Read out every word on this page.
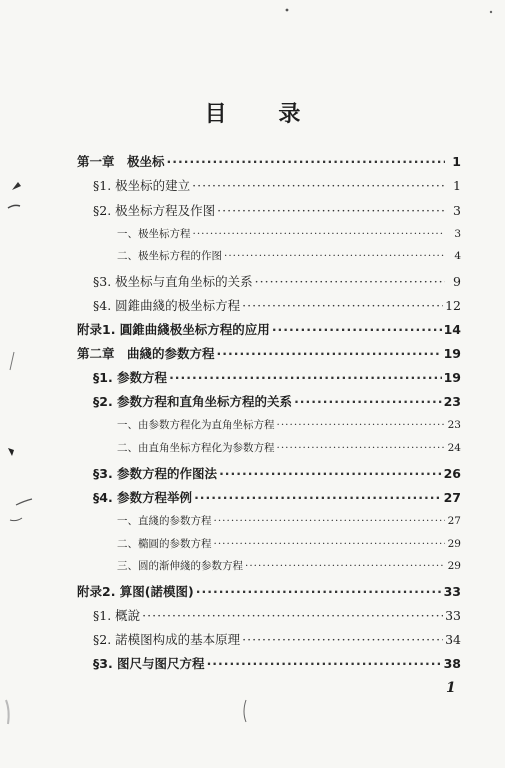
目 录
第一章　极坐标 ·····	1
§1. 极坐标的建立 ·····	1
§2. 极坐标方程及作图 ·····	3
一、极坐标方程 ·····	3
二、极坐标方程的作图 ·····	4
§3. 极坐标与直角坐标的关系 ·····	9
§4. 圆錐曲綫的极坐标方程 ·····	12
附录1. 圓錐曲綫极坐标方程的应用 ·····	14
第二章　曲綫的参数方程 ·····	19
§1. 参数方程 ·····	19
§2. 参数方程和直角坐标方程的关系 ·····	23
一、由参数方程化为直角坐标方程 ·····	23
二、由直角坐标方程化为参数方程 ·····	24
§3. 参数方程的作图法 ·····	26
§4. 参数方程举例 ·····	27
一、直綫的参数方程 ·····	27
二、橢圓的参数方程 ·····	29
三、圆的渐伸綫的参数方程 ·····	29
附录2. 算图(諾模图) ·····	33
§1. 概說 ·····	33
§2. 諾模图构成的基本原理 ·····	34
§3. 图尺与图尺方程 ·····	38
1
